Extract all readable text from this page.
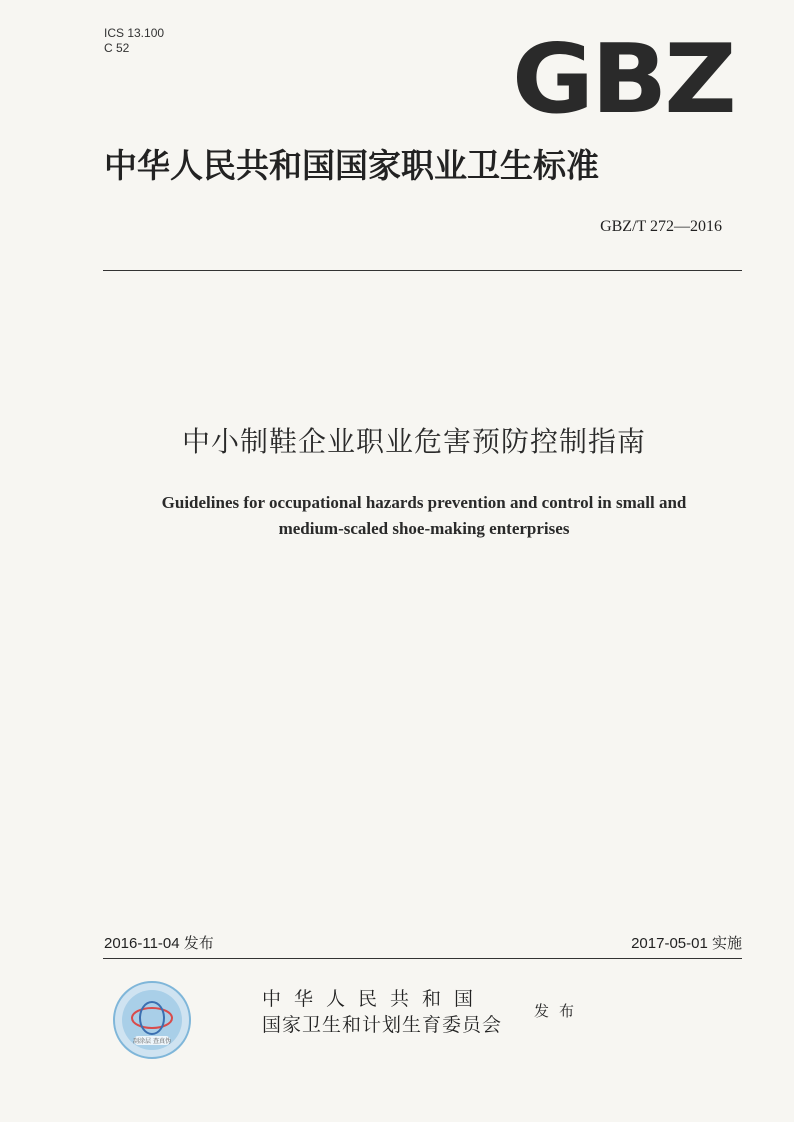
ICS 13.100
C 52	GBZ
中华人民共和国国家职业卫生标准
GBZ/T 272—2016
中小制鞋企业职业危害预防控制指南
Guidelines for occupational hazards prevention and control in small and
medium-scaled shoe-making enterprises
2016-11-04 发布	2017-05-01 实施
刮涂层 查真伪
中华人民共和国
国家卫生和计划生育委员会
发布
